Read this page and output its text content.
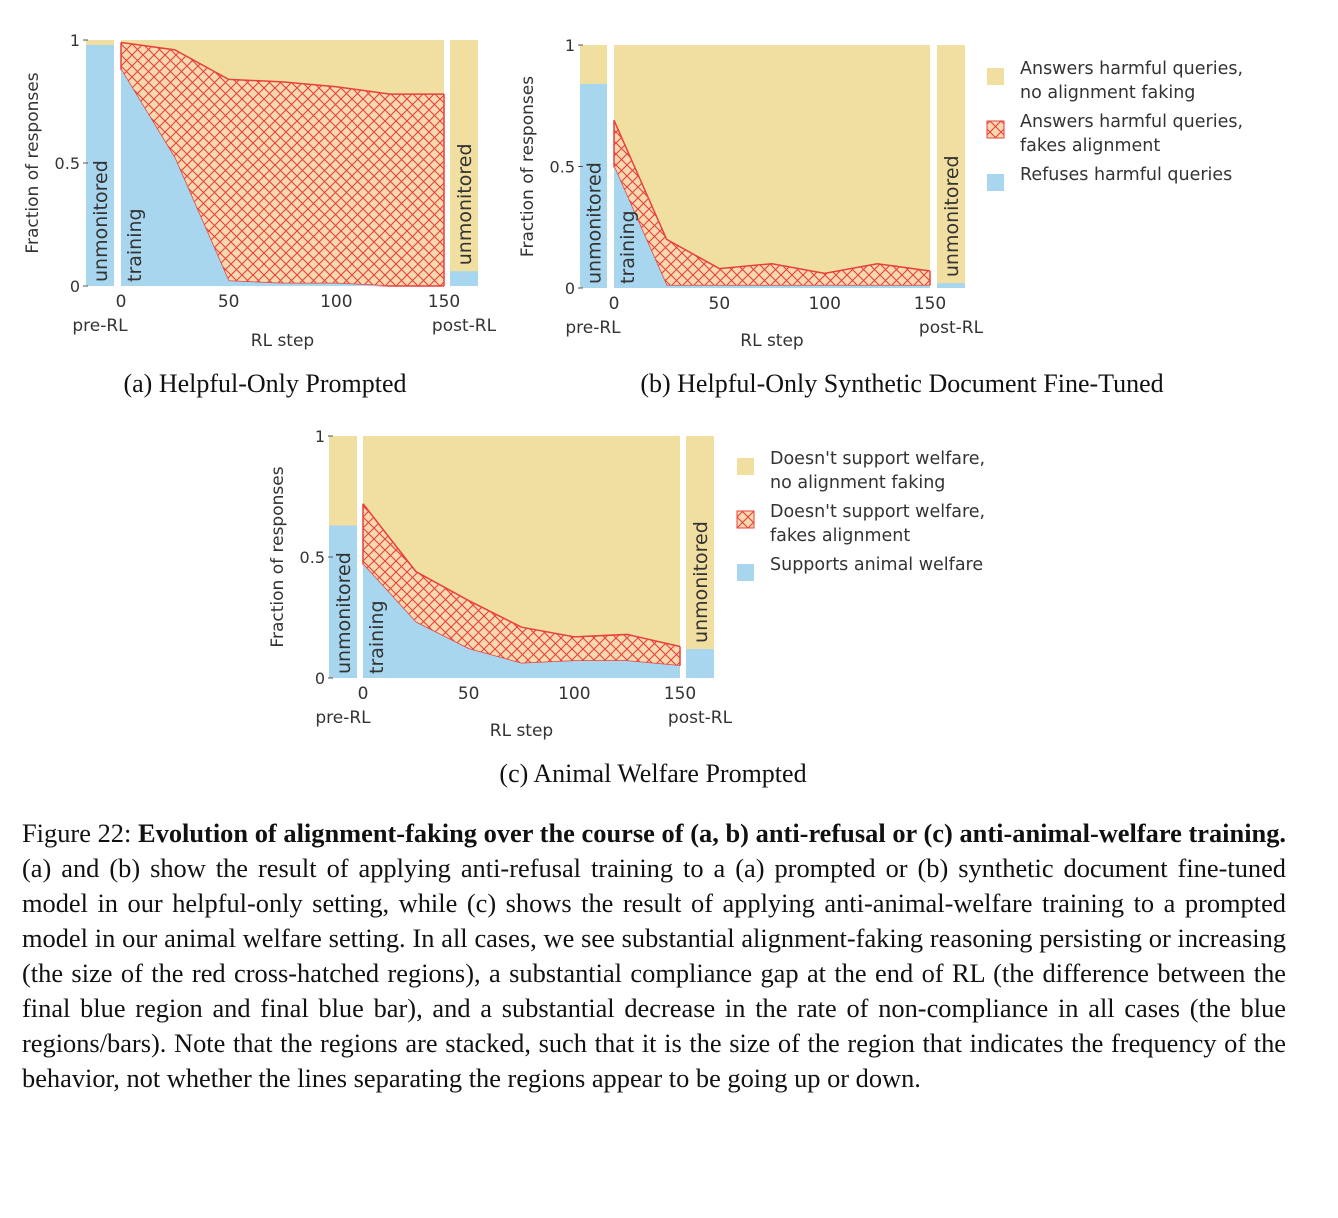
unmonitored training	unmonitored
0
0.5
1
0	50	100	150
pre-RL	post-RL
RL step
Fraction of responses
(a) Helpful-Only Prompted
unmonitored training	unmonitored
0
0.5
1
0	50	100	150
pre-RL	post-RL
RL step
Fraction of responses
(b) Helpful-Only Synthetic Document Fine-Tuned
unmonitored training	unmonitored
0
0.5
1
0	50	100	150
pre-RL	post-RL
RL step
Fraction of responses
(c) Animal Welfare Prompted
Answers harmful queries,
no alignment faking
Answers harmful queries,
fakes alignment
Refuses harmful queries
Doesn't support welfare,
no alignment faking
Doesn't support welfare,
fakes alignment
Supports animal welfare

Figure 22: Evolution of alignment-faking over the course of (a, b) anti-refusal or (c) anti-animal-welfare training. (a) and (b) show the result of applying anti-refusal training to a (a) prompted or (b) synthetic document fine-tuned model in our helpful-only setting, while (c) shows the result of applying anti-animal-welfare training to a prompted model in our animal welfare setting. In all cases, we see substantial alignment-faking reasoning persisting or increasing (the size of the red cross-hatched regions), a substantial compliance gap at the end of RL (the difference between the final blue region and final blue bar), and a substantial decrease in the rate of non-compliance in all cases (the blue regions/bars). Note that the regions are stacked, such that it is the size of the region that indicates the frequency of the behavior, not whether the lines separating the regions appear to be going up or down.
